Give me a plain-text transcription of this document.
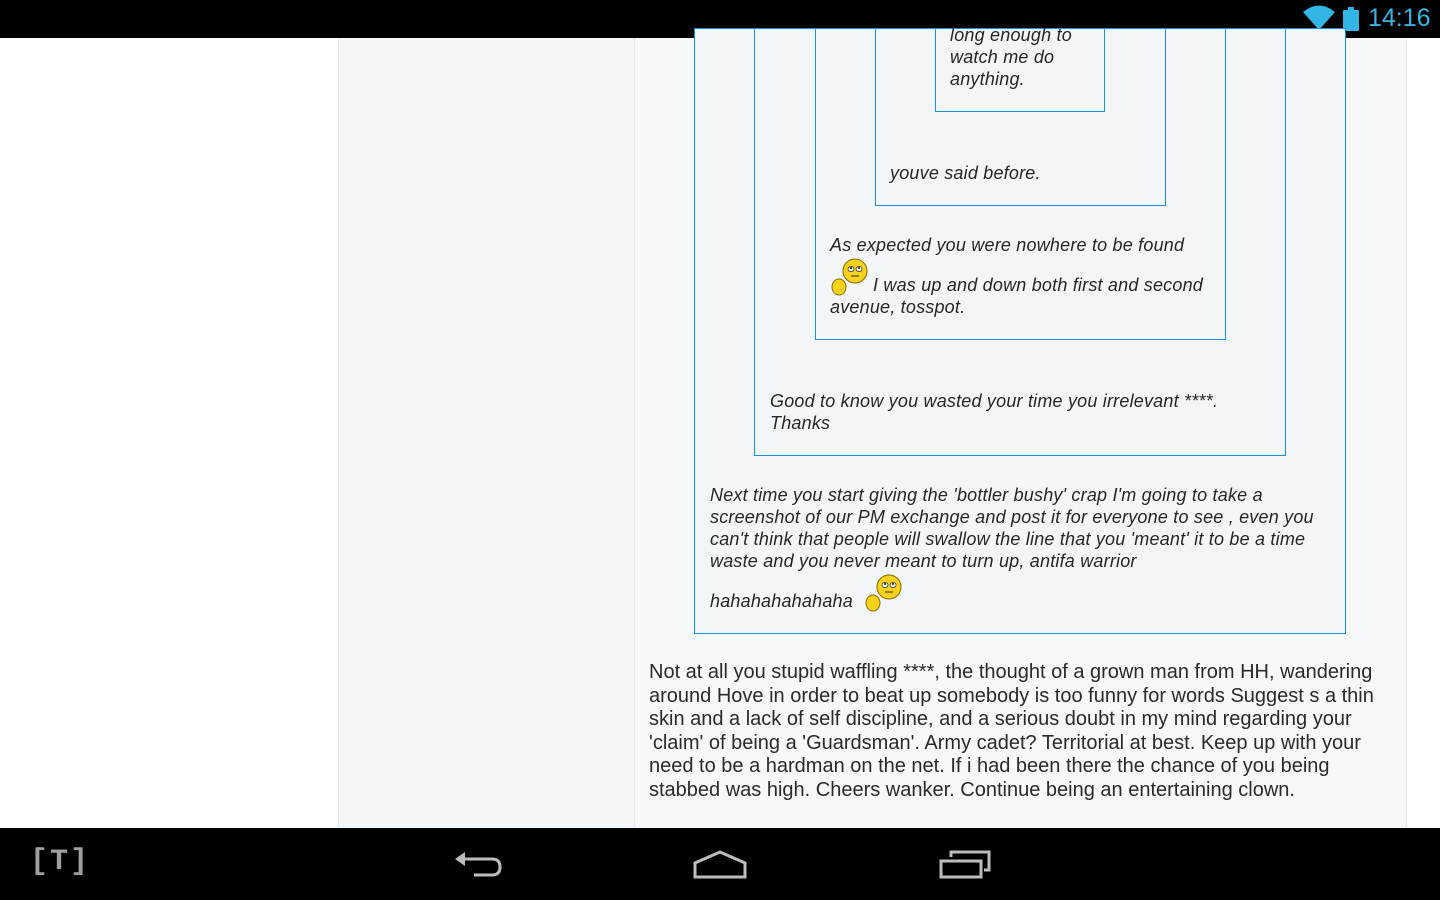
14:16
long enough to watch me do anything.
youve said before.
As expected you were nowhere to be found
I was up and down both first and second avenue, tosspot.
Good to know you wasted your time you irrelevant ****. Thanks
Next time you start giving the 'bottler bushy' crap I'm going to take a screenshot of our PM exchange and post it for everyone to see , even you can't think that people will swallow the line that you 'meant' it to be a time waste and you never meant to turn up, antifa warrior
hahahahahahaha
Not at all you stupid waffling ****, the thought of a grown man from HH, wandering around Hove in order to beat up somebody is too funny for words Suggest s a thin skin and a lack of self discipline, and a serious doubt in my mind regarding your 'claim' of being a 'Guardsman'. Army cadet? Territorial at best. Keep up with your need to be a hardman on the net. If i had been there the chance of you being stabbed was high. Cheers wanker. Continue being an entertaining clown.
[T]
